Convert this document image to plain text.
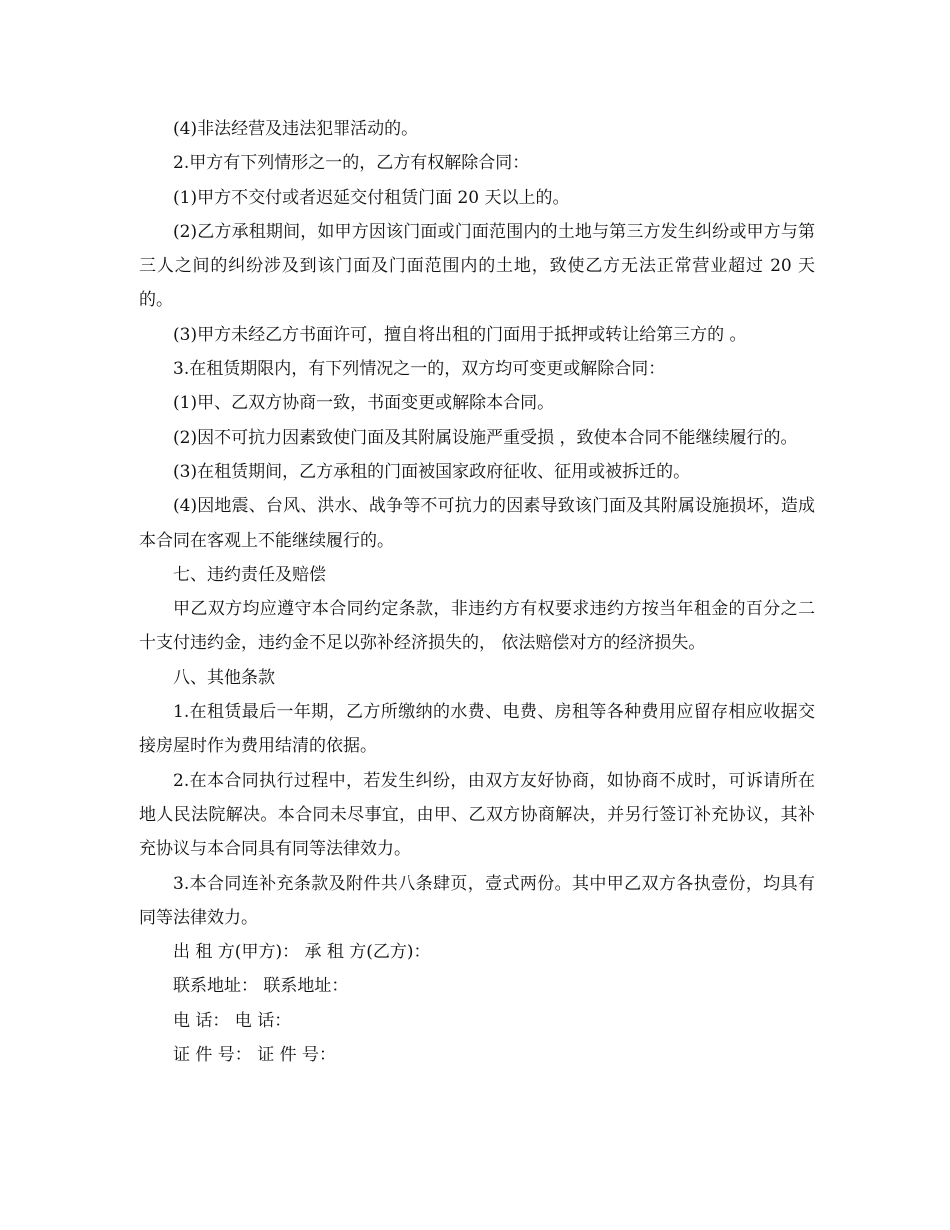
(4)非法经营及违法犯罪活动的。

2.甲方有下列情形之一的，乙方有权解除合同：

(1)甲方不交付或者迟延交付租赁门面 20 天以上的。

(2)乙方承租期间，如甲方因该门面或门面范围内的土地与第三方发生纠纷或甲方与第三人之间的纠纷涉及到该门面及门面范围内的土地，致使乙方无法正常营业超过 20 天的。

(3)甲方未经乙方书面许可，擅自将出租的门面用于抵押或转让给第三方的 。

3.在租赁期限内，有下列情况之一的，双方均可变更或解除合同：

(1)甲、乙双方协商一致，书面变更或解除本合同。

(2)因不可抗力因素致使门面及其附属设施严重受损 ，致使本合同不能继续履行的。

(3)在租赁期间，乙方承租的门面被国家政府征收、征用或被拆迁的。

(4)因地震、台风、洪水、战争等不可抗力的因素导致该门面及其附属设施损坏，造成本合同在客观上不能继续履行的。

七、违约责任及赔偿

甲乙双方均应遵守本合同约定条款，非违约方有权要求违约方按当年租金的百分之二十支付违约金，违约金不足以弥补经济损失的， 依法赔偿对方的经济损失。

八、其他条款

1.在租赁最后一年期，乙方所缴纳的水费、电费、房租等各种费用应留存相应收据交接房屋时作为费用结清的依据。

2.在本合同执行过程中，若发生纠纷，由双方友好协商，如协商不成时，可诉请所在地人民法院解决。本合同未尽事宜，由甲、乙双方协商解决，并另行签订补充协议，其补充协议与本合同具有同等法律效力。

3.本合同连补充条款及附件共八条肆页，壹式两份。其中甲乙双方各执壹份，均具有同等法律效力。

出 租 方(甲方)： 承 租 方(乙方)：

联系地址： 联系地址：

电 话： 电 话：

证 件 号： 证 件 号：
